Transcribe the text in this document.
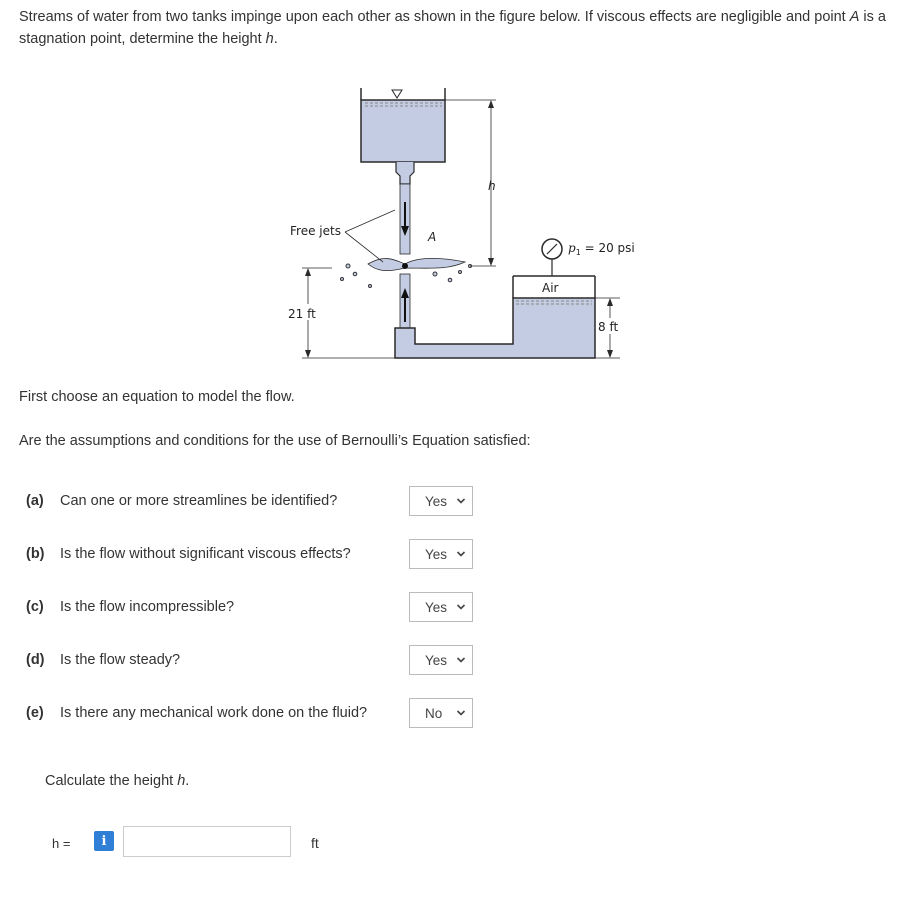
Streams of water from two tanks impinge upon each other as shown in the figure below. If viscous effects are negligible and point A is a stagnation point, determine the height h.
Free jets	A
Air
$p_1 = 20$ psi
h
21 ft
8 ft
First choose an equation to model the flow.
Are the assumptions and conditions for the use of Bernoulli’s Equation satisfied:
(a) Can one or more streamlines be identified?	Yes
(b) Is the flow without significant viscous effects?	Yes
(c) Is the flow incompressible?	Yes
(d) Is the flow steady?	Yes
(e) Is there any mechanical work done on the fluid?	No
Calculate the height h.
h =	i	ft
